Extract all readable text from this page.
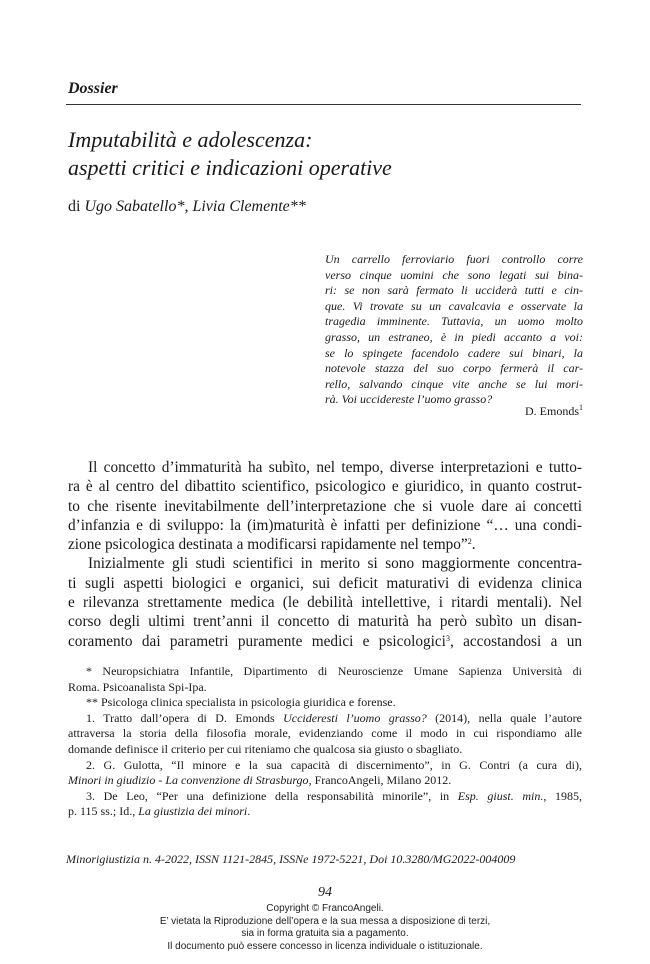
Dossier
Imputabilità e adolescenza:
aspetti critici e indicazioni operative
di Ugo Sabatello*, Livia Clemente**
Un carrello ferroviario fuori controllo corre
verso cinque uomini che sono legati sui bina-
ri: se non sarà fermato li ucciderà tutti e cin-
que. Vi trovate su un cavalcavia e osservate la
tragedia imminente. Tuttavia, un uomo molto
grasso, un estraneo, è in piedi accanto a voi:
se lo spingete facendolo cadere sui binari, la
notevole stazza del suo corpo fermerà il car-
rello, salvando cinque vite anche se lui mori-
rà. Voi uccidereste l’uomo grasso?
D. Emonds$^1$
Il concetto d’immaturità ha subìto, nel tempo, diverse interpretazioni e tutto-
ra è al centro del dibattito scientifico, psicologico e giuridico, in quanto costrut-
to che risente inevitabilmente dell’interpretazione che si vuole dare ai concetti
d’infanzia e di sviluppo: la (im)maturità è infatti per definizione “… una condi-
zione psicologica destinata a modificarsi rapidamente nel tempo”$^2$.
Inizialmente gli studi scientifici in merito si sono maggiormente concentra-
ti sugli aspetti biologici e organici, sui deficit maturativi di evidenza clinica
e rilevanza strettamente medica (le debilità intellettive, i ritardi mentali). Nel
corso degli ultimi trent’anni il concetto di maturità ha però subìto un disan-
coramento dai parametri puramente medici e psicologici$^3$, accostandosi a un
* Neuropsichiatra Infantile, Dipartimento di Neuroscienze Umane Sapienza Università di
Roma. Psicoanalista Spi-Ipa.
** Psicologa clinica specialista in psicologia giuridica e forense.
1. Tratto dall’opera di D. Emonds Uccideresti l’uomo grasso? (2014), nella quale l’autore
attraversa la storia della filosofia morale, evidenziando come il modo in cui rispondiamo alle
domande definisce il criterio per cui riteniamo che qualcosa sia giusto o sbagliato.
2. G. Gulotta, “Il minore e la sua capacità di discernimento”, in G. Contri (a cura di),
Minori in giudizio - La convenzione di Strasburgo, FrancoAngeli, Milano 2012.
3. De Leo, “Per una definizione della responsabilità minorile”, in Esp. giust. min., 1985,
p. 115 ss.; Id., La giustizia dei minori.
Minorigiustizia n. 4-2022, ISSN 1121-2845, ISSNe 1972-5221, Doi 10.3280/MG2022-004009
94
Copyright © FrancoAngeli.
E’ vietata la Riproduzione dell’opera e la sua messa a disposizione di terzi,
sia in forma gratuita sia a pagamento.
Il documento può essere concesso in licenza individuale o istituzionale.
